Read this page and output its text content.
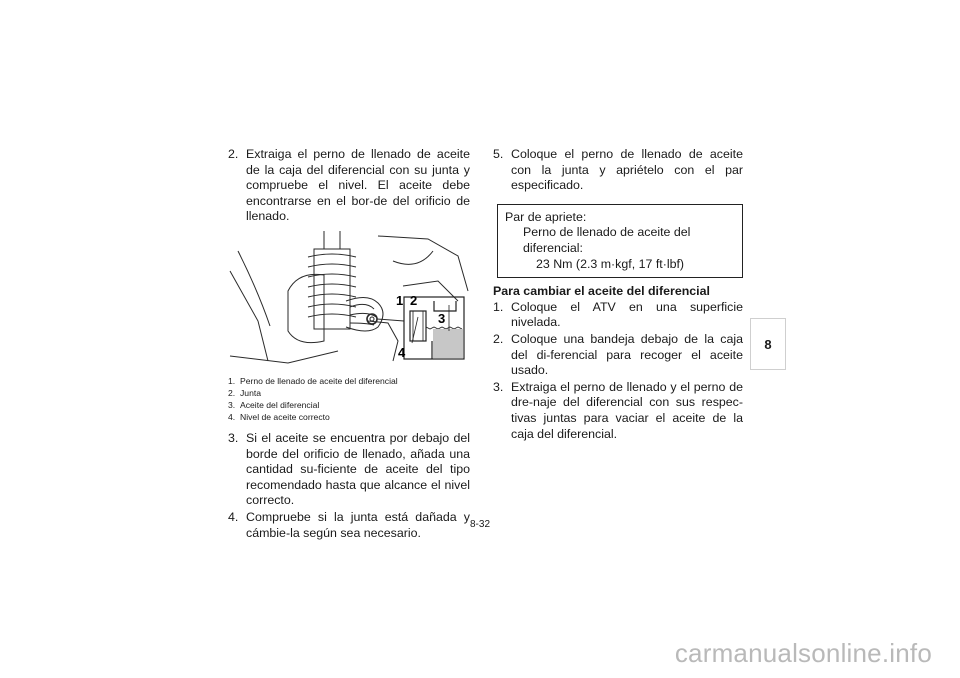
2. Extraiga el perno de llenado de aceite de la caja del diferencial con su junta y compruebe el nivel. El aceite debe encontrarse en el bor-de del orificio de llenado.
1 2
3
4
1. Perno de llenado de aceite del diferencial
2. Junta
3. Aceite del diferencial
4. Nivel de aceite correcto
3. Si el aceite se encuentra por debajo del borde del orificio de llenado, añada una cantidad su-ficiente de aceite del tipo recomendado hasta que alcance el nivel correcto.
4. Compruebe si la junta está dañada y cámbie-la según sea necesario.
5. Coloque el perno de llenado de aceite con la junta y apriételo con el par especificado.
Par de apriete:
Perno de llenado de aceite del diferencial:
23 Nm (2.3 m·kgf, 17 ft·lbf)
Para cambiar el aceite del diferencial
1. Coloque el ATV en una superficie nivelada.
2. Coloque una bandeja debajo de la caja del di-ferencial para recoger el aceite usado.
3. Extraiga el perno de llenado y el perno de dre-naje del diferencial con sus respec-tivas juntas para vaciar el aceite de la caja del diferencial.
8
8-32
carmanualsonline.info
